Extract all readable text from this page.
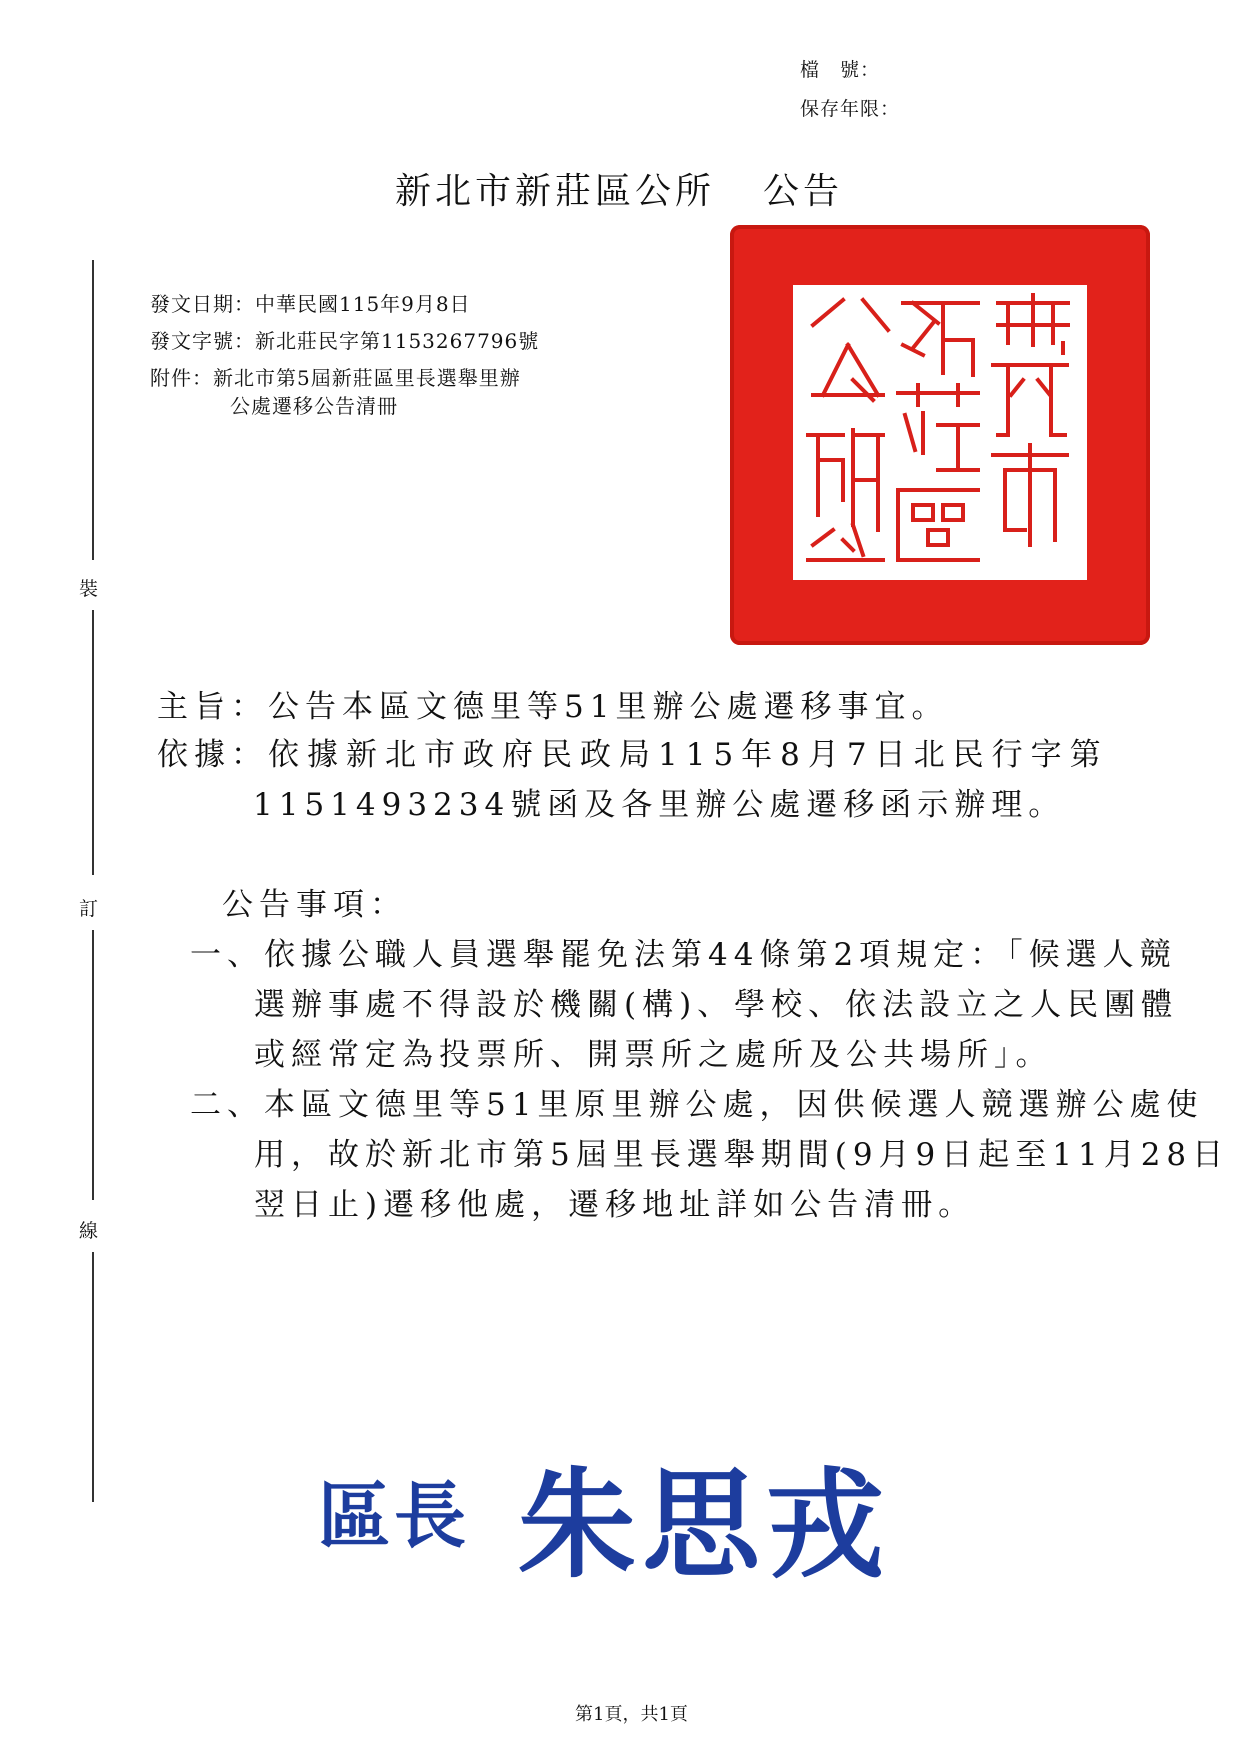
檔　號：
保存年限：
新北市新莊區公所 公告
裝
訂
線
發文日期：中華民國115年9月8日
發文字號：新北莊民字第1153267796號
附件：新北市第5屆新莊區里長選舉里辦
公處遷移公告清冊
主旨：公告本區文德里等51里辦公處遷移事宜。
依據：依據新北市政府民政局115年8月7日北民行字第
1151493234號函及各里辦公處遷移函示辦理。
公告事項：
一、依據公職人員選舉罷免法第44條第2項規定：「候選人競
選辦事處不得設於機關(構)、學校、依法設立之人民團體
或經常定為投票所、開票所之處所及公共場所」。
二、本區文德里等51里原里辦公處，因供候選人競選辦公處使
用，故於新北市第5屆里長選舉期間(9月9日起至11月28日
翌日止)遷移他處，遷移地址詳如公告清冊。
區長 朱思戎
第1頁，共1頁
